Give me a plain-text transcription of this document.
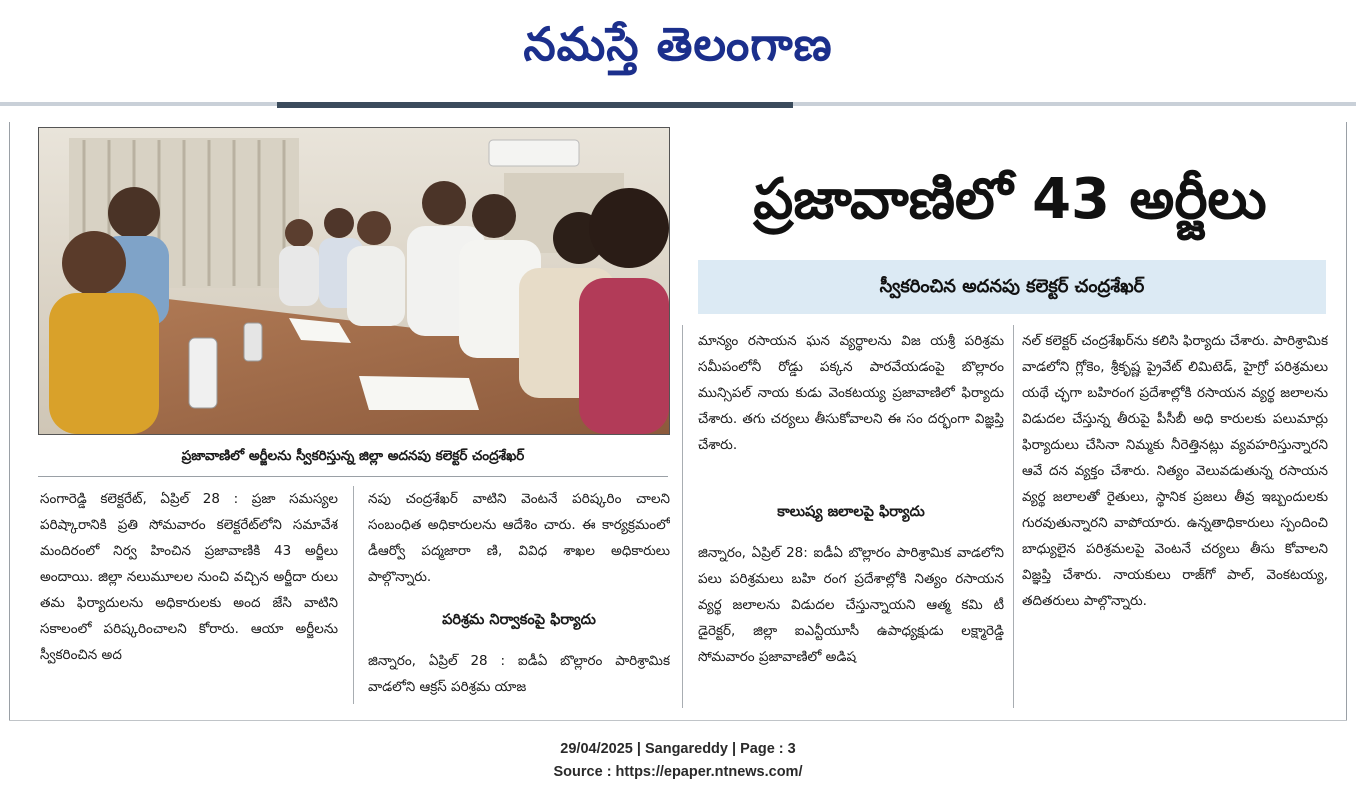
నమస్తే తెలంగాణ
ప్రజావాణిలో అర్జీలను స్వీకరిస్తున్న జిల్లా అదనపు కలెక్టర్ చంద్రశేఖర్
ప్రజావాణిలో 43 అర్జీలు
స్వీకరించిన అదనపు కలెక్టర్ చంద్రశేఖర్

సంగారెడ్డి కలెక్టరేట్, ఏప్రిల్ 28 : ప్రజా సమస్యల పరిష్కారానికి ప్రతి సోమవారం కలెక్టరేట్‌లోని సమావేశ మందిరంలో నిర్వ హించిన ప్రజావాణికి 43 అర్జీలు అందాయి. జిల్లా నలుమూలల నుంచి వచ్చిన అర్జీదా రులు తమ ఫిర్యాదులను అధికారులకు అంద జేసి వాటిని సకాలంలో పరిష్కరించాలని కోరారు. ఆయా అర్జీలను స్వీకరించిన అద

నపు చంద్రశేఖర్ వాటిని వెంటనే పరిష్కరిం చాలని సంబంధిత అధికారులను ఆదేశిం చారు. ఈ కార్యక్రమంలో డీఆర్వో పద్మజారా ణి, వివిధ శాఖల అధికారులు పాల్గొన్నారు.

పరిశ్రమ నిర్వాకంపై ఫిర్యాదు

జిన్నారం, ఏప్రిల్ 28 : ఐడీఏ బొల్లారం పారిశ్రామిక వాడలోని ఆక్రస్ పరిశ్రమ యాజ

మాన్యం రసాయన ఘన వ్యర్థాలను విజ యశ్రీ పరిశ్రమ సమీపంలోనీ రోడ్డు పక్కన పారవేయడంపై బొల్లారం మున్సిపల్ నాయ కుడు వెంకటయ్య ప్రజావాణిలో ఫిర్యాదు చేశారు. తగు చర్యలు తీసుకోవాలని ఈ సం దర్భంగా విజ్ఞప్తి చేశారు.

కాలుష్య జలాలపై ఫిర్యాదు

జిన్నారం, ఏప్రిల్ 28: ఐడీఏ బొల్లారం పారిశ్రామిక వాడలోని పలు పరిశ్రమలు బహి రంగ ప్రదేశాల్లోకి నిత్యం రసాయన వ్యర్థ జలాలను విడుదల చేస్తున్నాయని ఆత్మ కమి టీ డైరెక్టర్, జిల్లా ఐఎన్టీయూసీ ఉపాధ్యక్షుడు లక్ష్మారెడ్డి సోమవారం ప్రజావాణిలో అడిష

నల్ కలెక్టర్ చంద్రశేఖర్‌ను కలిసి ఫిర్యాదు చేశారు. పారిశ్రామిక వాడలోని గ్లోకెం, శ్రీకృష్ణ ప్రైవేట్ లిమిటెడ్, హైగ్రో పరిశ్రమలు యథే చ్ఛగా బహిరంగ ప్రదేశాల్లోకి రసాయన వ్యర్థ జలాలను విడుదల చేస్తున్న తీరుపై పీసీబీ అధి కారులకు పలుమార్లు ఫిర్యాదులు చేసినా నిమ్మకు నీరెత్తినట్లు వ్యవహరిస్తున్నారని ఆవే దన వ్యక్తం చేశారు. నిత్యం వెలువడుతున్న రసాయన వ్యర్థ జలాలతో రైతులు, స్థానిక ప్రజలు తీవ్ర ఇబ్బందులకు గురవుతున్నారని వాపోయారు. ఉన్నతాధికారులు స్పందించి బాధ్యులైన పరిశ్రమలపై వెంటనే చర్యలు తీసు కోవాలని విజ్ఞప్తి చేశారు. నాయకులు రాజ్‌గో పాల్, వెంకటయ్య, తదితరులు పాల్గొన్నారు.

29/04/2025 | Sangareddy | Page : 3
Source : https://epaper.ntnews.com/
